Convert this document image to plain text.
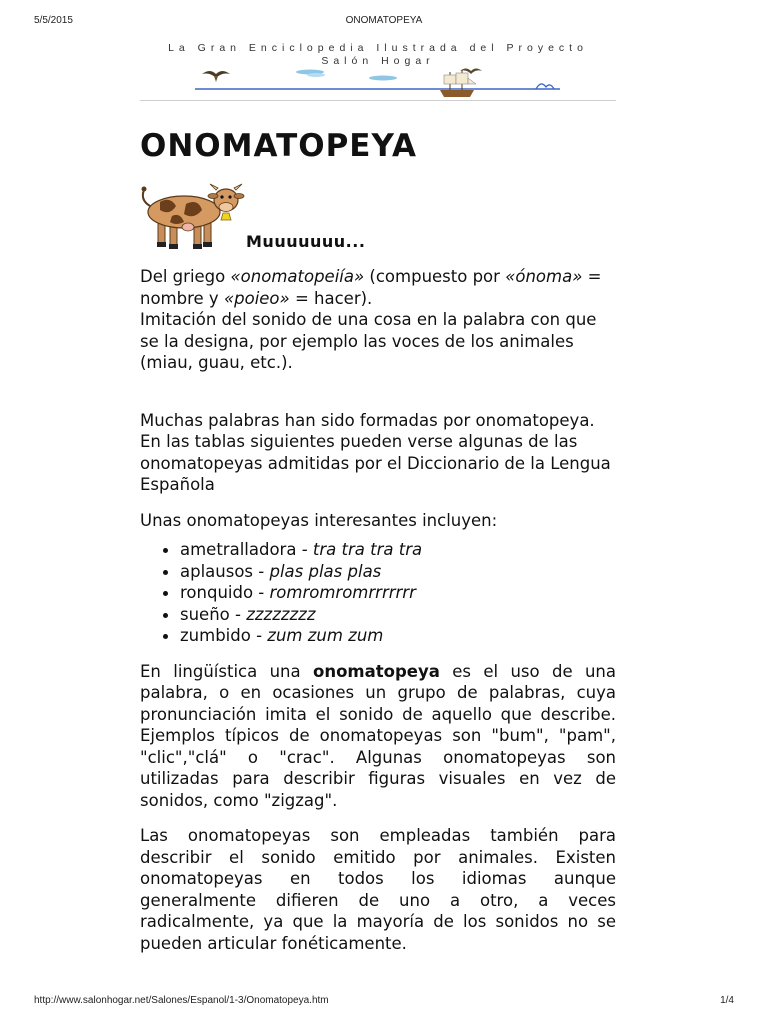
5/5/2015	ONOMATOPEYA
La Gran Enciclopedia Ilustrada del Proyecto Salón Hogar
ONOMATOPEYA
Muuuuuuu...

Del griego «onomatopeiía» (compuesto por «ónoma» = nombre y «poieo» = hacer).

Imitación del sonido de una cosa en la palabra con que se la designa, por ejemplo las voces de los animales (miau, guau, etc.).

Muchas palabras han sido formadas por onomatopeya.

En las tablas siguientes pueden verse algunas de las onomatopeyas admitidas por el Diccionario de la Lengua Española

Unas onomatopeyas interesantes incluyen:

ametralladora - tra tra tra tra
aplausos - plas plas plas
ronquido - romromromrrrrrrr
sueño - zzzzzzzz
zumbido - zum zum zum

En lingüística una onomatopeya es el uso de una palabra, o en ocasiones un grupo de palabras, cuya pronunciación imita el sonido de aquello que describe. Ejemplos típicos de onomatopeyas son "bum", "pam", "clic","clá" o "crac". Algunas onomatopeyas son utilizadas para describir figuras visuales en vez de sonidos, como "zigzag".

Las onomatopeyas son empleadas también para describir el sonido emitido por animales. Existen onomatopeyas en todos los idiomas aunque generalmente difieren de uno a otro, a veces radicalmente, ya que la mayoría de los sonidos no se pueden articular fonéticamente.

http://www.salonhogar.net/Salones/Espanol/1-3/Onomatopeya.htm	1/4
